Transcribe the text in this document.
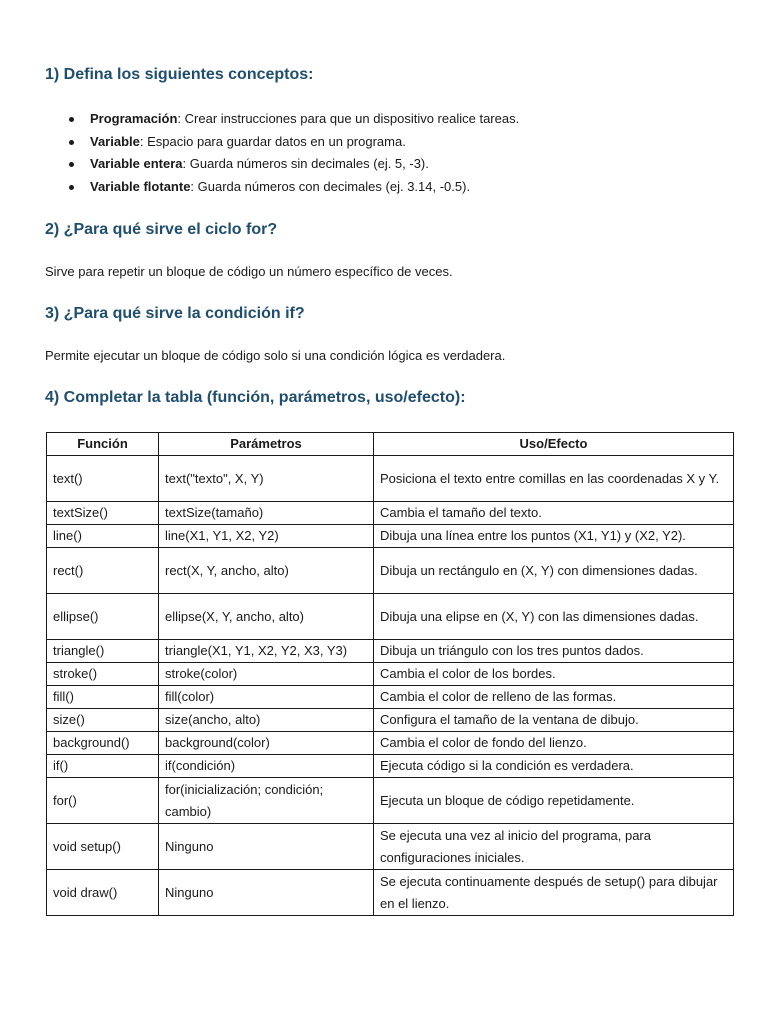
1) Defina los siguientes conceptos:
Programación: Crear instrucciones para que un dispositivo realice tareas.
Variable: Espacio para guardar datos en un programa.
Variable entera: Guarda números sin decimales (ej. 5, -3).
Variable flotante: Guarda números con decimales (ej. 3.14, -0.5).
2) ¿Para qué sirve el ciclo for?

Sirve para repetir un bloque de código un número específico de veces.

3) ¿Para qué sirve la condición if?

Permite ejecutar un bloque de código solo si una condición lógica es verdadera.

4) Completar la tabla (función, parámetros, uso/efecto):
Función	Parámetros	Uso/Efecto
text()	text("texto", X, Y)	Posiciona el texto entre comillas en las coordenadas X y Y.
textSize()	textSize(tamaño)	Cambia el tamaño del texto.
line()	line(X1, Y1, X2, Y2)	Dibuja una línea entre los puntos (X1, Y1) y (X2, Y2).
rect()	rect(X, Y, ancho, alto)	Dibuja un rectángulo en (X, Y) con dimensiones dadas.
ellipse()	ellipse(X, Y, ancho, alto)	Dibuja una elipse en (X, Y) con las dimensiones dadas.
triangle()	triangle(X1, Y1, X2, Y2, X3, Y3)	Dibuja un triángulo con los tres puntos dados.
stroke()	stroke(color)	Cambia el color de los bordes.
fill()	fill(color)	Cambia el color de relleno de las formas.
size()	size(ancho, alto)	Configura el tamaño de la ventana de dibujo.
background()	background(color)	Cambia el color de fondo del lienzo.
if()	if(condición)	Ejecuta código si la condición es verdadera.
for()	for(inicialización; condición; cambio)	Ejecuta un bloque de código repetidamente.
void setup()	Ninguno	Se ejecuta una vez al inicio del programa, para configuraciones iniciales.
void draw()	Ninguno	Se ejecuta continuamente después de setup() para dibujar en el lienzo.
